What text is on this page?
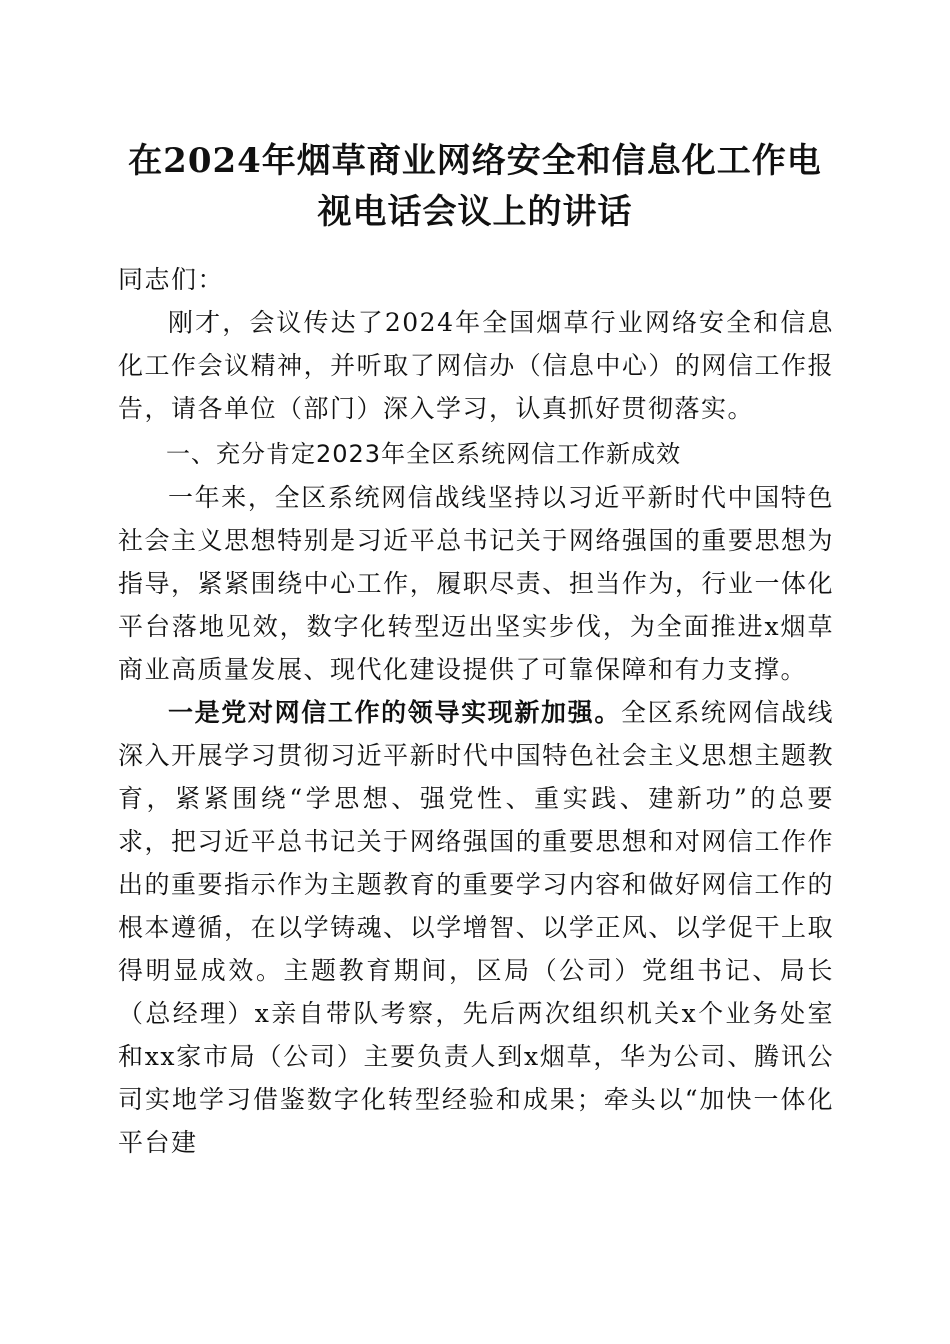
在2024年烟草商业网络安全和信息化工作电
视电话会议上的讲话

同志们：

刚才，会议传达了2024年全国烟草行业网络安全和信息化工作会议精神，并听取了网信办（信息中心）的网信工作报告，请各单位（部门）深入学习，认真抓好贯彻落实。

一、充分肯定2023年全区系统网信工作新成效

一年来，全区系统网信战线坚持以习近平新时代中国特色社会主义思想特别是习近平总书记关于网络强国的重要思想为指导，紧紧围绕中心工作，履职尽责、担当作为，行业一体化平台落地见效，数字化转型迈出坚实步伐，为全面推进x烟草商业高质量发展、现代化建设提供了可靠保障和有力支撑。

一是党对网信工作的领导实现新加强。全区系统网信战线深入开展学习贯彻习近平新时代中国特色社会主义思想主题教育，紧紧围绕“学思想、强党性、重实践、建新功”的总要求，把习近平总书记关于网络强国的重要思想和对网信工作作出的重要指示作为主题教育的重要学习内容和做好网信工作的根本遵循，在以学铸魂、以学增智、以学正风、以学促干上取得明显成效。主题教育期间，区局（公司）党组书记、局长（总经理）x亲自带队考察，先后两次组织机关x个业务处室和xx家市局（公司）主要负责人到x烟草，华为公司、腾讯公司实地学习借鉴数字化转型经验和成果；牵头以“加快一体化平台建
